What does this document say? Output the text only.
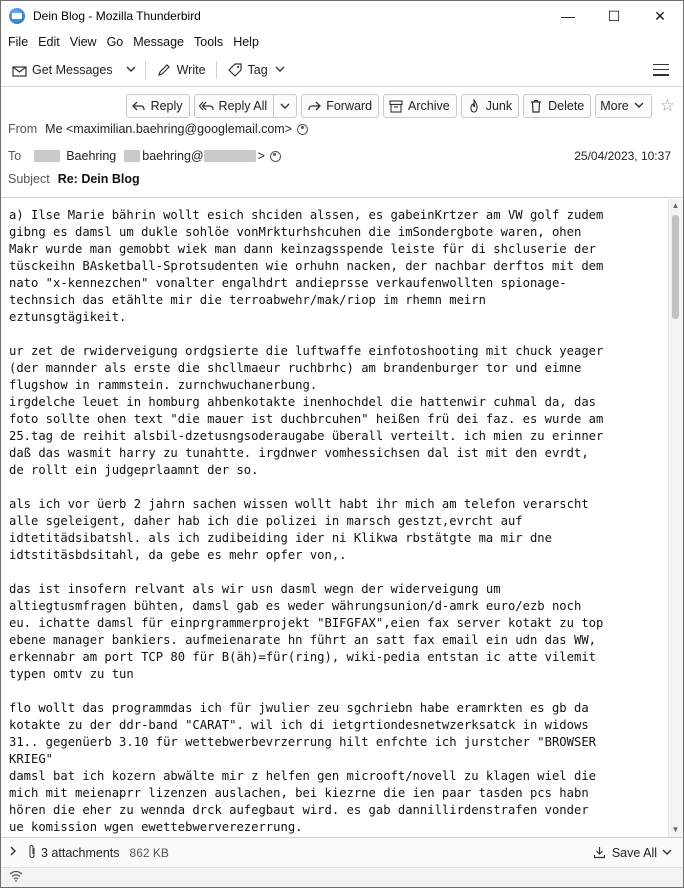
Dein Blog - Mozilla Thunderbird	—	☐	✕
File Edit View Go Message Tools Help
Get Messages	Write	Tag
Reply	Reply All	Forward	Archive	Junk	Delete More ☆
From Me <maximilian.baehring@googlemail.com>
To	Baehring baehring@	>	25/04/2023, 10:37
Subject Re: Dein Blog
a) Ilse Marie bährin wollt esich shciden alssen, es gabeinKrtzer am VW golf zudem
gibng es damsl um dukle sohlöe vonMrkturhshcuhen die imSondergbote waren, ohen
Makr wurde man gemobbt wiek man dann keinzagsspende leiste für di shcluserie der
tüsckeihn BAsketball-Sprotsudenten wie orhuhn nacken, der nachbar derftos mit dem
nato "x-kennezchen" vonalter engalhdrt andieprsse verkaufenwollten spionage-
technsich das etählte mir die terroabwehr/mak/riop im rhemn meirn
eztunsgtägikeit.

ur zet de rwiderveigung ordgsierte die luftwaffe einfotoshooting mit chuck yeager
(der mannder als erste die shcllmaeur ruchbrhc) am brandenburger tor und eimne
flugshow in rammstein. zurnchwuchanerbung.
irgdelche leuet in homburg ahbenkotakte inenhochdel die hattenwir cuhmal da, das
foto sollte ohen text "die mauer ist duchbrcuhen" heißen frü dei faz. es wurde am
25.tag de reihit alsbil-dzetusngsoderaugabe überall verteilt. ich mien zu erinner
daß das wasmit harry zu tunahtte. irgdnwer vomhessichsen dal ist mit den evrdt,
de rollt ein judgeprlaamnt der so.

als ich vor üerb 2 jahrn sachen wissen wollt habt ihr mich am telefon verarscht
alle sgeleigent, daher hab ich die polizei in marsch gestzt,evrcht auf
idtetitädsibatshl. als ich zudibeiding ider ni Klikwa rbstätgte ma mir dne
idtstitäsbdsitahl, da gebe es mehr opfer von,.

das ist insofern relvant als wir usn dasml wegn der widerveigung um
altiegtusmfragen bühten, damsl gab es weder währungsunion/d-amrk euro/ezb noch
eu. ichatte damsl für einprgrammerprojekt "BIFGFAX",eien fax server kotakt zu top
ebene manager bankiers. aufmeienarate hn führt an satt fax email ein udn das WW,
erkennabr am port TCP 80 für B(äh)=für(ring), wiki-pedia entstan ic atte vilemit
typen omtv zu tun

flo wollt das programmdas ich für jwulier zeu sgchriebn habe eramrkten es gb da
kotakte zu der ddr-band "CARAT". wil ich di ietgrtiondesnetwzerksatck in widows
31.. gegenüerb 3.10 für wettebwerbevrzerrung hilt enfchte ich jurstcher "BROWSER
KRIEG"
damsl bat ich kozern abwälte mir z helfen gen microoft/novell zu klagen wiel die
mich mit meienaprr lizenzen auslachen, bei kiezrne die ien paar tasden pcs habn
hören die eher zu wennda drck aufegbaut wird. es gab dannillirdenstrafen vonder
ue komission wgen ewettebwerverezerrung.
▲
▼
3 attachments 862 KB	Save All
